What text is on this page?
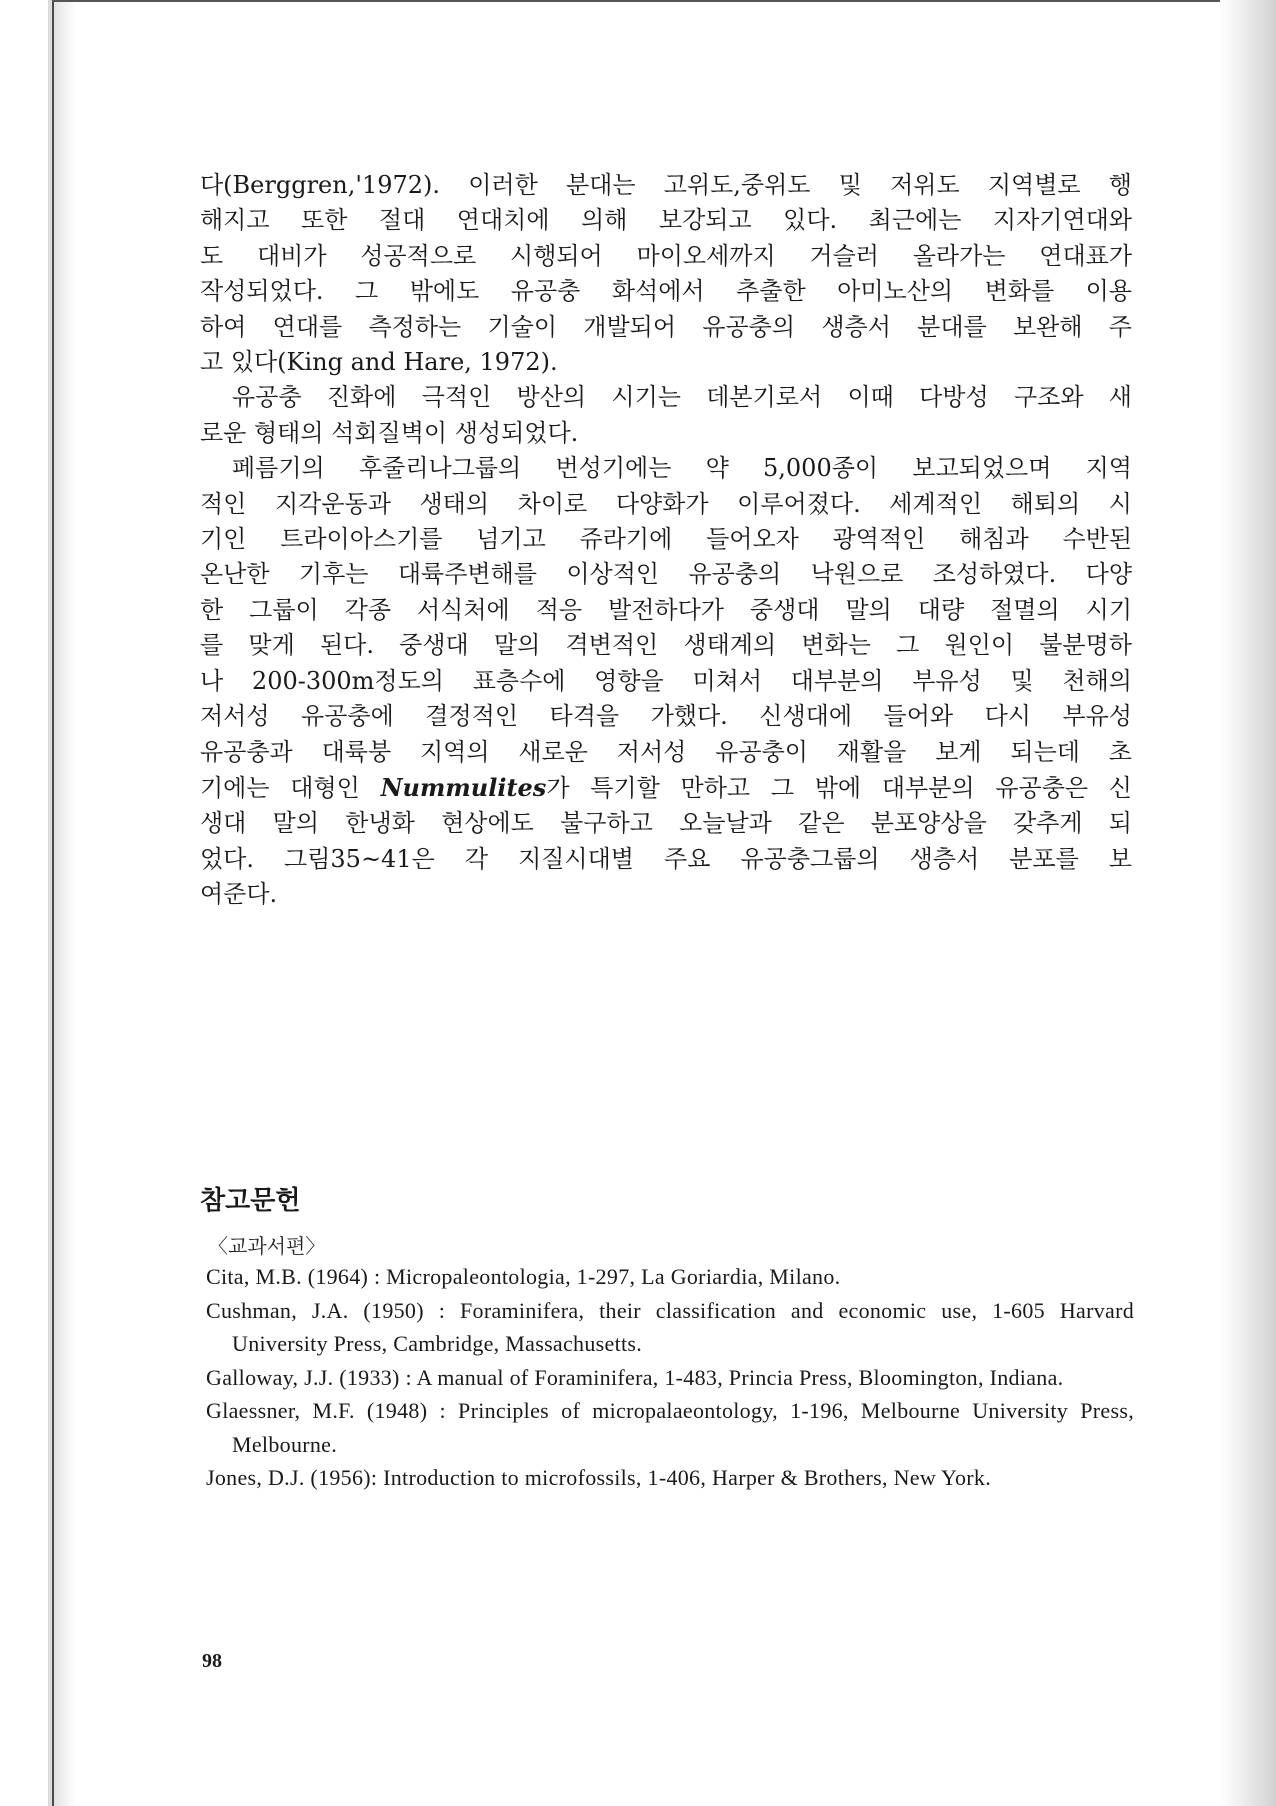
다(Berggren,'1972). 이러한 분대는 고위도,중위도 및 저위도 지역별로 행

해지고 또한 절대 연대치에 의해 보강되고 있다. 최근에는 지자기연대와

도 대비가 성공적으로 시행되어 마이오세까지 거슬러 올라가는 연대표가

작성되었다. 그 밖에도 유공충 화석에서 추출한 아미노산의 변화를 이용

하여 연대를 측정하는 기술이 개발되어 유공충의 생층서 분대를 보완해 주

고 있다(King and Hare, 1972).

유공충 진화에 극적인 방산의 시기는 데본기로서 이때 다방성 구조와 새

로운 형태의 석회질벽이 생성되었다.

페름기의 후줄리나그룹의 번성기에는 약 5,000종이 보고되었으며 지역

적인 지각운동과 생태의 차이로 다양화가 이루어졌다. 세계적인 해퇴의 시

기인 트라이아스기를 넘기고 쥬라기에 들어오자 광역적인 해침과 수반된

온난한 기후는 대륙주변해를 이상적인 유공충의 낙원으로 조성하였다. 다양

한 그룹이 각종 서식처에 적응 발전하다가 중생대 말의 대량 절멸의 시기

를 맞게 된다. 중생대 말의 격변적인 생태계의 변화는 그 원인이 불분명하

나 200-300m정도의 표층수에 영향을 미쳐서 대부분의 부유성 및 천해의

저서성 유공충에 결정적인 타격을 가했다. 신생대에 들어와 다시 부유성

유공충과 대륙붕 지역의 새로운 저서성 유공충이 재활을 보게 되는데 초

기에는 대형인 Nummulites가 특기할 만하고 그 밖에 대부분의 유공충은 신

생대 말의 한냉화 현상에도 불구하고 오늘날과 같은 분포양상을 갖추게 되

었다. 그림35~41은 각 지질시대별 주요 유공충그룹의 생층서 분포를 보

여준다.

참고문헌
〈교과서편〉
Cita, M.B. (1964) : Micropaleontologia, 1-297, La Goriardia, Milano.
Cushman, J.A. (1950) : Foraminifera, their classification and economic use, 1-605 Harvard University Press, Cambridge, Massachusetts.
Galloway, J.J. (1933) : A manual of Foraminifera, 1-483, Princia Press, Bloomington, Indiana.
Glaessner, M.F. (1948) : Principles of micropalaeontology, 1-196, Melbourne University Press, Melbourne.
Jones, D.J. (1956): Introduction to microfossils, 1-406, Harper & Brothers, New York.
98
